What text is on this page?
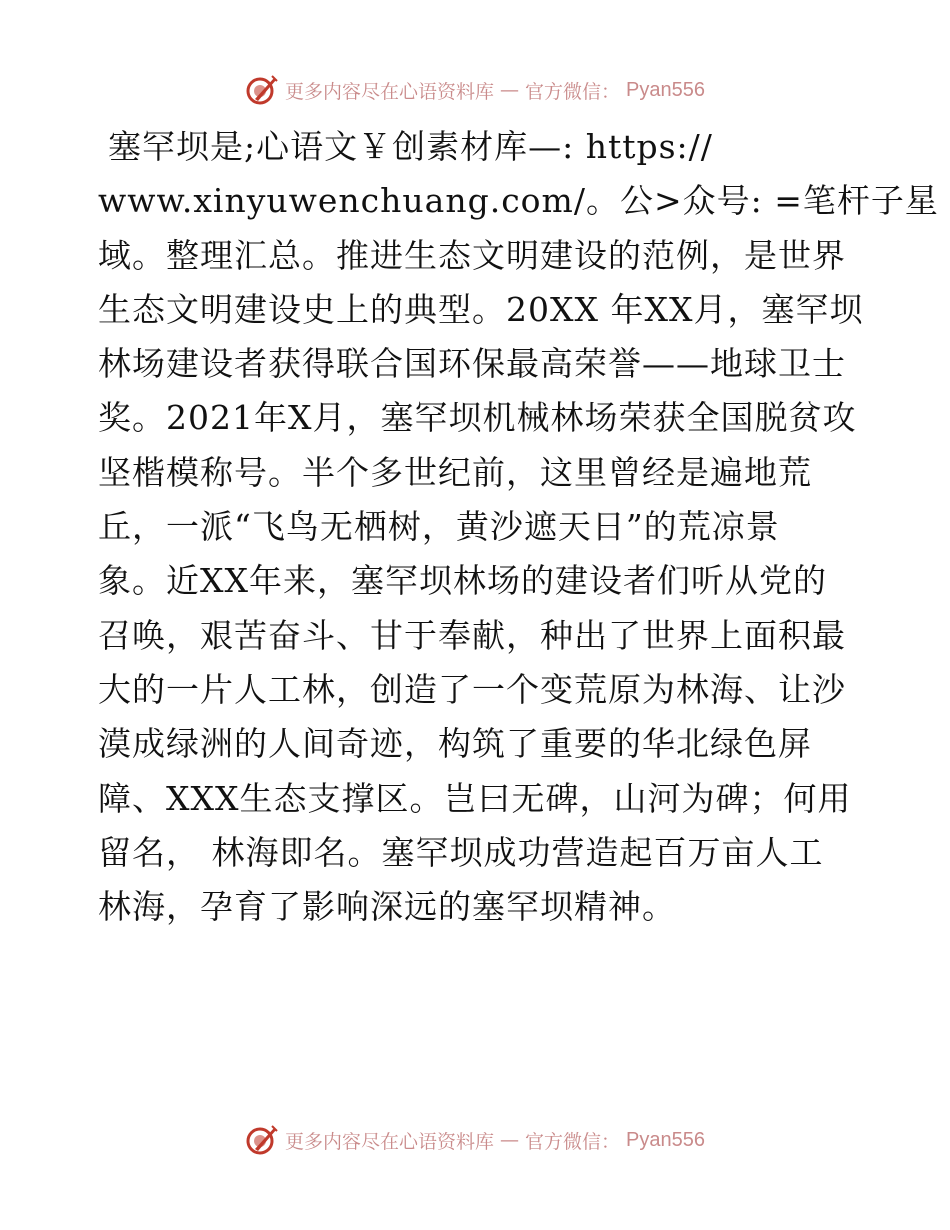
更多内容尽在心语资料库 — 官方微信： Pyan556
塞罕坝是;心语文￥创素材库—: https://
www.xinyuwenchuang.com/。公>众号: =笔杆子星
域。整理汇总。推进生态文明建设的范例，是世界
生态文明建设史上的典型。20XX 年XX月，塞罕坝
林场建设者获得联合国环保最高荣誉——地球卫士
奖。2021年X月，塞罕坝机械林场荣获全国脱贫攻
坚楷模称号。半个多世纪前，这里曾经是遍地荒
丘，一派“飞鸟无栖树，黄沙遮天日”的荒凉景
象。近XX年来，塞罕坝林场的建设者们听从党的
召唤，艰苦奋斗、甘于奉献，种出了世界上面积最
大的一片人工林，创造了一个变荒原为林海、让沙
漠成绿洲的人间奇迹，构筑了重要的华北绿色屏
障、XXX生态支撑区。岂曰无碑，山河为碑；何用
留名， 林海即名。塞罕坝成功营造起百万亩人工
林海，孕育了影响深远的塞罕坝精神。
更多内容尽在心语资料库 — 官方微信： Pyan556
